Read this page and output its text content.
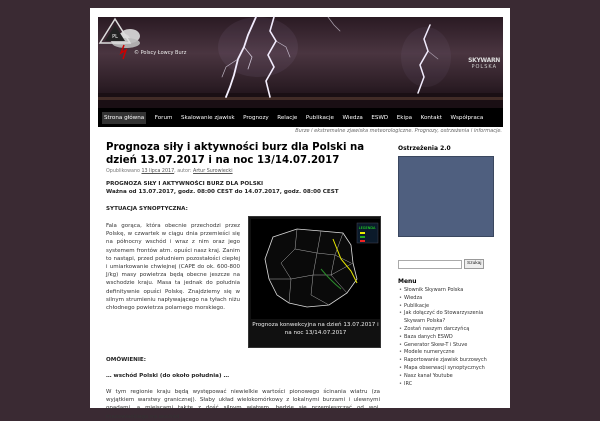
© Polscy Łowcy Burz
PL
SKYWARN
POLSKA
Strona główna	Forum Skalowanie zjawisk Prognozy Relacje Publikacje Wiedza ESWD Ekipa Kontakt Współpraca
Burze i ekstremalne zjawiska meteorologiczne. Prognozy, ostrzeżenia i informacje.
Prognoza siły i aktywności burz dla Polski na dzień 13.07.2017 i na noc 13/14.07.2017
Opublikowano 13 lipca 2017, autor: Artur Surowiecki
PROGNOZA SIŁY I AKTYWNOŚCI BURZ DLA POLSKI
Ważna od 13.07.2017, godz. 08:00 CEST do 14.07.2017, godz. 08:00 CEST
SYTUACJA SYNOPTYCZNA:
Fala gorąca, która obecnie przechodzi przez Polskę, w czwartek w ciągu dnia przemieści się na północny wschód i wraz z nim oraz jego systemem frontów atm. opuści nasz kraj. Zanim to nastąpi, przed południem pozostałości ciepłej i umiarkowanie chwiejnej (CAPE do ok. 600-800 J/kg) masy powietrza będą obecne jeszcze na wschodzie kraju. Masa ta jednak do południa definitywnie opuści Polskę. Znajdziemy się w silnym strumieniu napływającego na tyłach niżu chłodnego powietrza polarnego morskiego.
LEGENDA
Prognoza konwekcyjna na dzień 13.07.2017 i na noc 13/14.07.2017
OMÓWIENIE:
… wschód Polski (do około południa) …
W tym regionie kraju będą występować niewielkie wartości pionowego ścinania wiatru (za wyjątkiem warstwy granicznej). Słaby układ wielokomórkowy z lokalnymi burzami i ulewnymi opadami, a miejscami także z dość silnym wiatrem, będzie się przemieszczać od woj. mazowieckiego na wschód.
Ostrzeżenia 2.0
Szukaj
Menu
• Słownik Skywarn Polska
• Wiedza
• Publikacje
• Jak dołączyć do Stowarzyszenia Skywarn Polska?
• Zostań naszym darczyńcą
• Baza danych ESWD
• Generator Skew-T i Stuve
• Modele numeryczne
• Raportowanie zjawisk burzowych
• Mapa obserwacji synoptycznych
• Nasz kanał Youtube
• IRC
